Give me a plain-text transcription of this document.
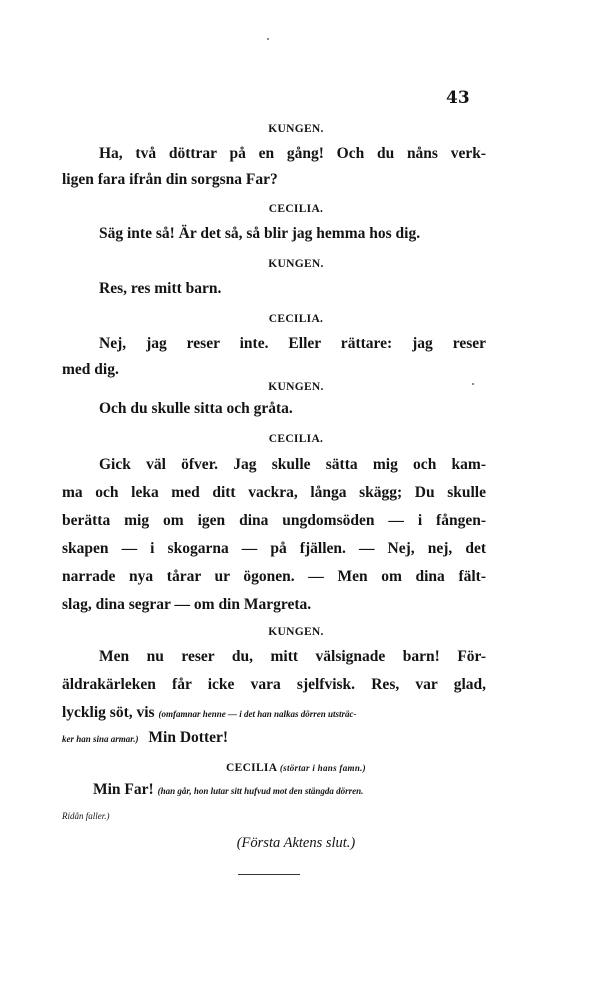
43
KUNGEN.
Ha, två döttrar på en gång! Och du nåns verk-
ligen fara ifrån din sorgsna Far?
CECILIA.
Säg inte så! Är det så, så blir jag hemma hos dig.
KUNGEN.
Res, res mitt barn.
CECILIA.
Nej, jag reser inte. Eller rättare: jag reser
med dig.
KUNGEN.
Och du skulle sitta och gråta.
CECILIA.
Gick väl öfver. Jag skulle sätta mig och kam-
ma och leka med ditt vackra, långa skägg; Du skulle
berätta mig om igen dina ungdomsöden — i fången-
skapen — i skogarna — på fjällen. — Nej, nej, det
narrade nya tårar ur ögonen. — Men om dina fält-
slag, dina segrar — om din Margreta.
KUNGEN.
Men nu reser du, mitt välsignade barn! För-
äldrakärleken får icke vara sjelfvisk. Res, var glad,
lycklig söt, vis (omfamnar henne — i det han nalkas dörren utsträc-
ker han sina armar.) Min Dotter!
CECILIA (störtar i hans famn.)
Min Far! (han går, hon lutar sitt hufvud mot den stängda dörren.
Ridån faller.)
(Första Aktens slut.)
